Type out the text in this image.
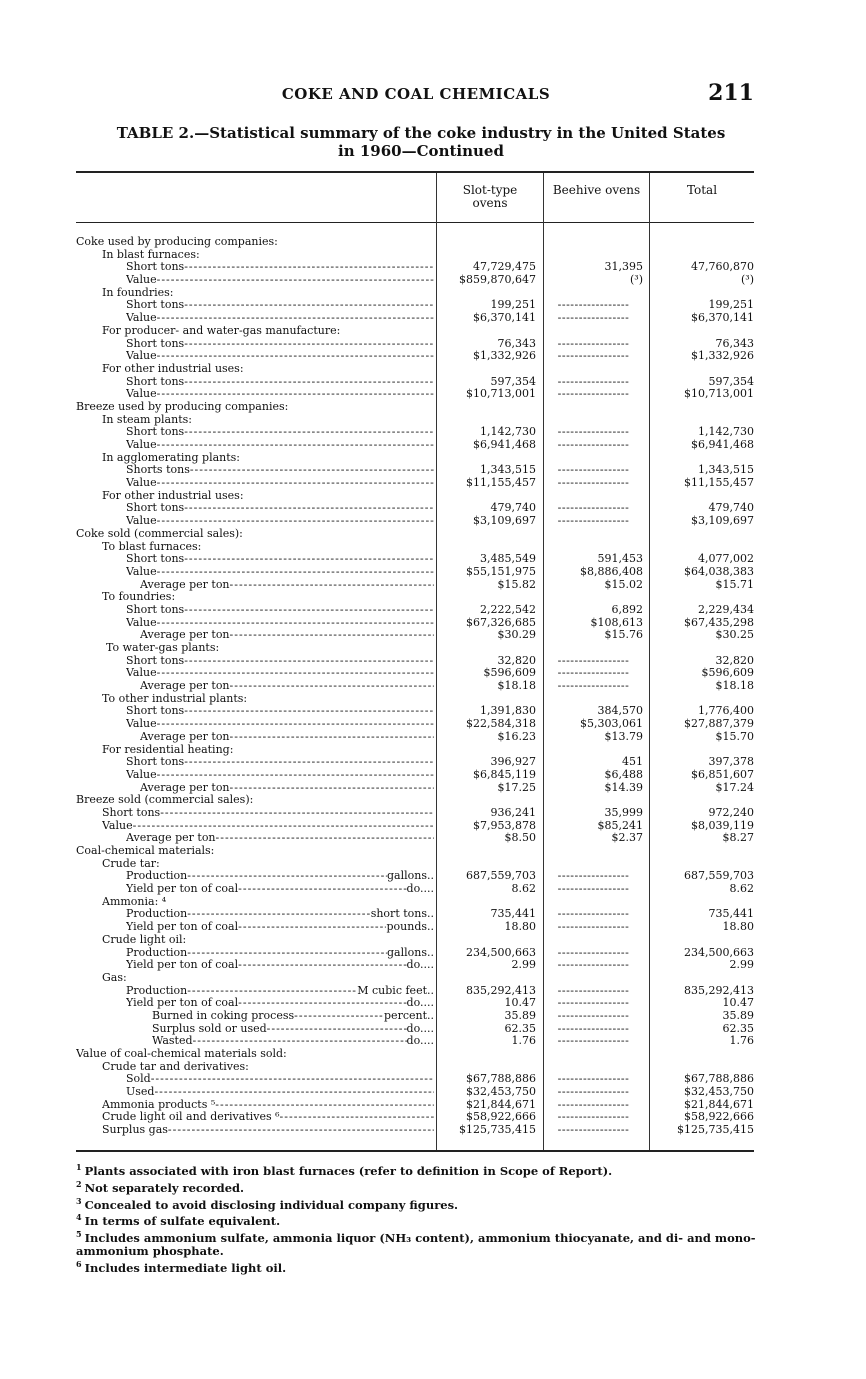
COKE AND COAL CHEMICALS	211
TABLE 2.—Statistical summary of the coke industry in the United States
in 1960—Continued
Slot-type ovens
Beehive ovens	Total
Coke used by producing companies:
In blast furnaces:
Short tons -----	47,729,475	31,395	47,760,870
Value -----	$859,870,647	(³)	(³)
In foundries:
Short tons -----	199,251	-----------------	199,251
Value -----	$6,370,141	-----------------	$6,370,141
For producer- and water-gas manufacture:
Short tons -----	76,343	-----------------	76,343
Value -----	$1,332,926	-----------------	$1,332,926
For other industrial uses:
Short tons -----	597,354	-----------------	597,354
Value -----	$10,713,001	-----------------	$10,713,001
Breeze used by producing companies:
In steam plants:
Short tons -----	1,142,730	-----------------	1,142,730
Value -----	$6,941,468	-----------------	$6,941,468
In agglomerating plants:
Shorts tons -----	1,343,515	-----------------	1,343,515
Value -----	$11,155,457	-----------------	$11,155,457
For other industrial uses:
Short tons -----	479,740	-----------------	479,740
Value -----	$3,109,697	-----------------	$3,109,697
Coke sold (commercial sales):
To blast furnaces:
Short tons -----	3,485,549	591,453	4,077,002
Value -----	$55,151,975	$8,886,408	$64,038,383
Average per ton -----	$15.82	$15.02	$15.71
To foundries:
Short tons -----	2,222,542	6,892	2,229,434
Value -----	$67,326,685	$108,613	$67,435,298
Average per ton -----	$30.29	$15.76	$30.25
To water-gas plants:
Short tons -----	32,820	-----------------	32,820
Value -----	$596,609	-----------------	$596,609
Average per ton -----	$18.18	-----------------	$18.18
To other industrial plants:
Short tons -----	1,391,830	384,570	1,776,400
Value -----	$22,584,318	$5,303,061	$27,887,379
Average per ton -----	$16.23	$13.79	$15.70
For residential heating:
Short tons -----	396,927	451	397,378
Value -----	$6,845,119	$6,488	$6,851,607
Average per ton -----	$17.25	$14.39	$17.24
Breeze sold (commercial sales):
Short tons -----	936,241	35,999	972,240
Value -----	$7,953,878	$85,241	$8,039,119
Average per ton -----	$8.50	$2.37	$8.27
Coal-chemical materials:
Crude tar:
Production -----	gallons..	687,559,703	-----------------	687,559,703
Yield per ton of coal -----	do....	8.62	-----------------	8.62
Ammonia: ⁴
Production -----	short tons..	735,441	-----------------	735,441
Yield per ton of coal -----	pounds..	18.80	-----------------	18.80
Crude light oil:
Production -----	gallons..	234,500,663	-----------------	234,500,663
Yield per ton of coal -----	do....	2.99	-----------------	2.99
Gas:
Production -----	M cubic feet..	835,292,413	-----------------	835,292,413
Yield per ton of coal -----	do....	10.47	-----------------	10.47
Burned in coking process -----	percent..	35.89	-----------------	35.89
Surplus sold or used -----	do....	62.35	-----------------	62.35
Wasted -----	do....	1.76	-----------------	1.76
Value of coal-chemical materials sold:
Crude tar and derivatives:
Sold -----	$67,788,886	-----------------	$67,788,886
Used -----	$32,453,750	-----------------	$32,453,750
Ammonia products ⁵ -----	$21,844,671	-----------------	$21,844,671
Crude light oil and derivatives ⁶ -----	$58,922,666	-----------------	$58,922,666
Surplus gas -----	$125,735,415	-----------------	$125,735,415
$^1$ Plants associated with iron blast furnaces (refer to definition in Scope of Report).
$^2$ Not separately recorded.
$^3$ Concealed to avoid disclosing individual company figures.
$^4$ In terms of sulfate equivalent.
$^5$ Includes ammonium sulfate, ammonia liquor (NH₃ content), ammonium thiocyanate, and di- and mono-ammonium phosphate.
$^6$ Includes intermediate light oil.
